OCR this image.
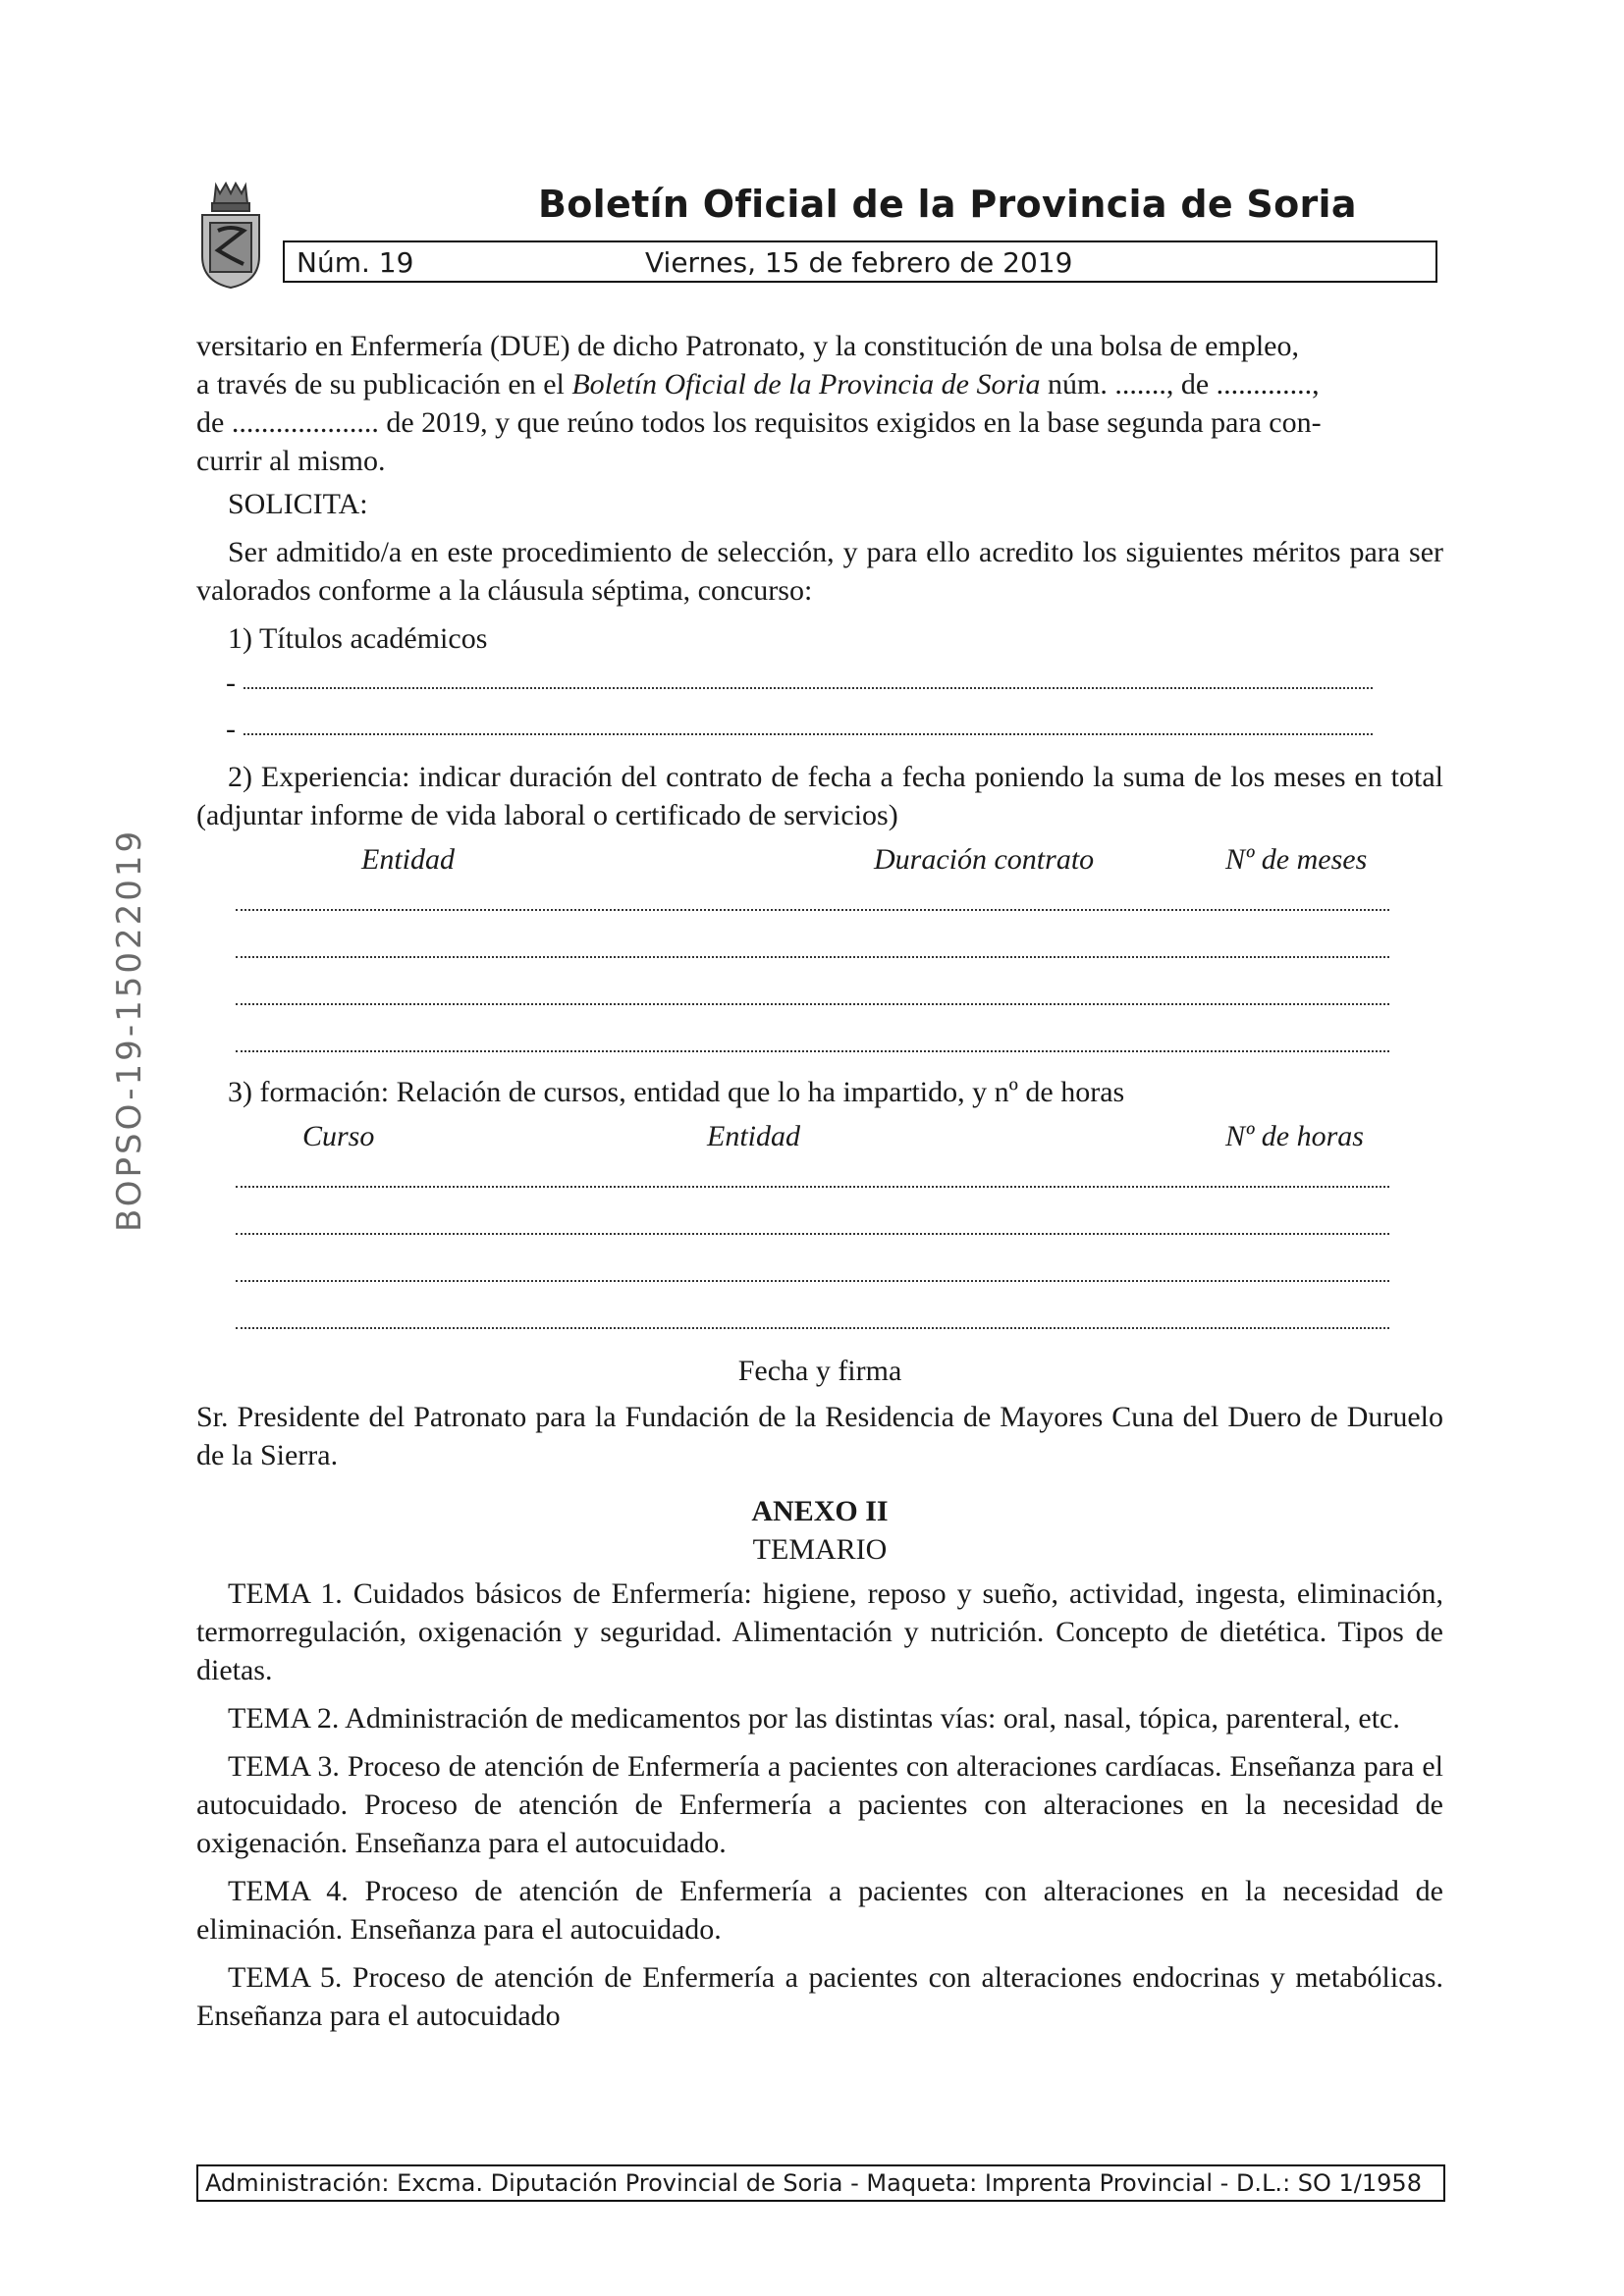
Boletín Oficial de la Provincia de Soria
Núm. 19	Viernes, 15 de febrero de 2019
BOPSO-19-15022019

versitario en Enfermería (DUE) de dicho Patronato, y la constitución de una bolsa de empleo,

a través de su publicación en el Boletín Oficial de la Provincia de Soria núm. ......., de .............,

de .................... de 2019, y que reúno todos los requisitos exigidos en la base segunda para con-

currir al mismo.

SOLICITA:

Ser admitido/a en este procedimiento de selección, y para ello acredito los siguientes méritos para ser valorados conforme a la cláusula séptima, concurso:

1) Títulos académicos

-
-

2) Experiencia: indicar duración del contrato de fecha a fecha poniendo la suma de los meses en total (adjuntar informe de vida laboral o certificado de servicios)

Entidad	Duración contrato	Nº de meses

3) formación: Relación de cursos, entidad que lo ha impartido, y nº de horas

Curso	Entidad	Nº de horas

Fecha y firma

Sr. Presidente del Patronato para la Fundación de la Residencia de Mayores Cuna del Duero de Duruelo de la Sierra.

ANEXO II

TEMARIO

TEMA 1. Cuidados básicos de Enfermería: higiene, reposo y sueño, actividad, ingesta, eliminación, termorregulación, oxigenación y seguridad. Alimentación y nutrición. Concepto de dietética. Tipos de dietas.

TEMA 2. Administración de medicamentos por las distintas vías: oral, nasal, tópica, parenteral, etc.

TEMA 3. Proceso de atención de Enfermería a pacientes con alteraciones cardíacas. Enseñanza para el autocuidado. Proceso de atención de Enfermería a pacientes con alteraciones en la necesidad de oxigenación. Enseñanza para el autocuidado.

TEMA 4. Proceso de atención de Enfermería a pacientes con alteraciones en la necesidad de eliminación. Enseñanza para el autocuidado.

TEMA 5. Proceso de atención de Enfermería a pacientes con alteraciones endocrinas y metabólicas. Enseñanza para el autocuidado

Administración: Excma. Diputación Provincial de Soria - Maqueta: Imprenta Provincial - D.L.: SO 1/1958
